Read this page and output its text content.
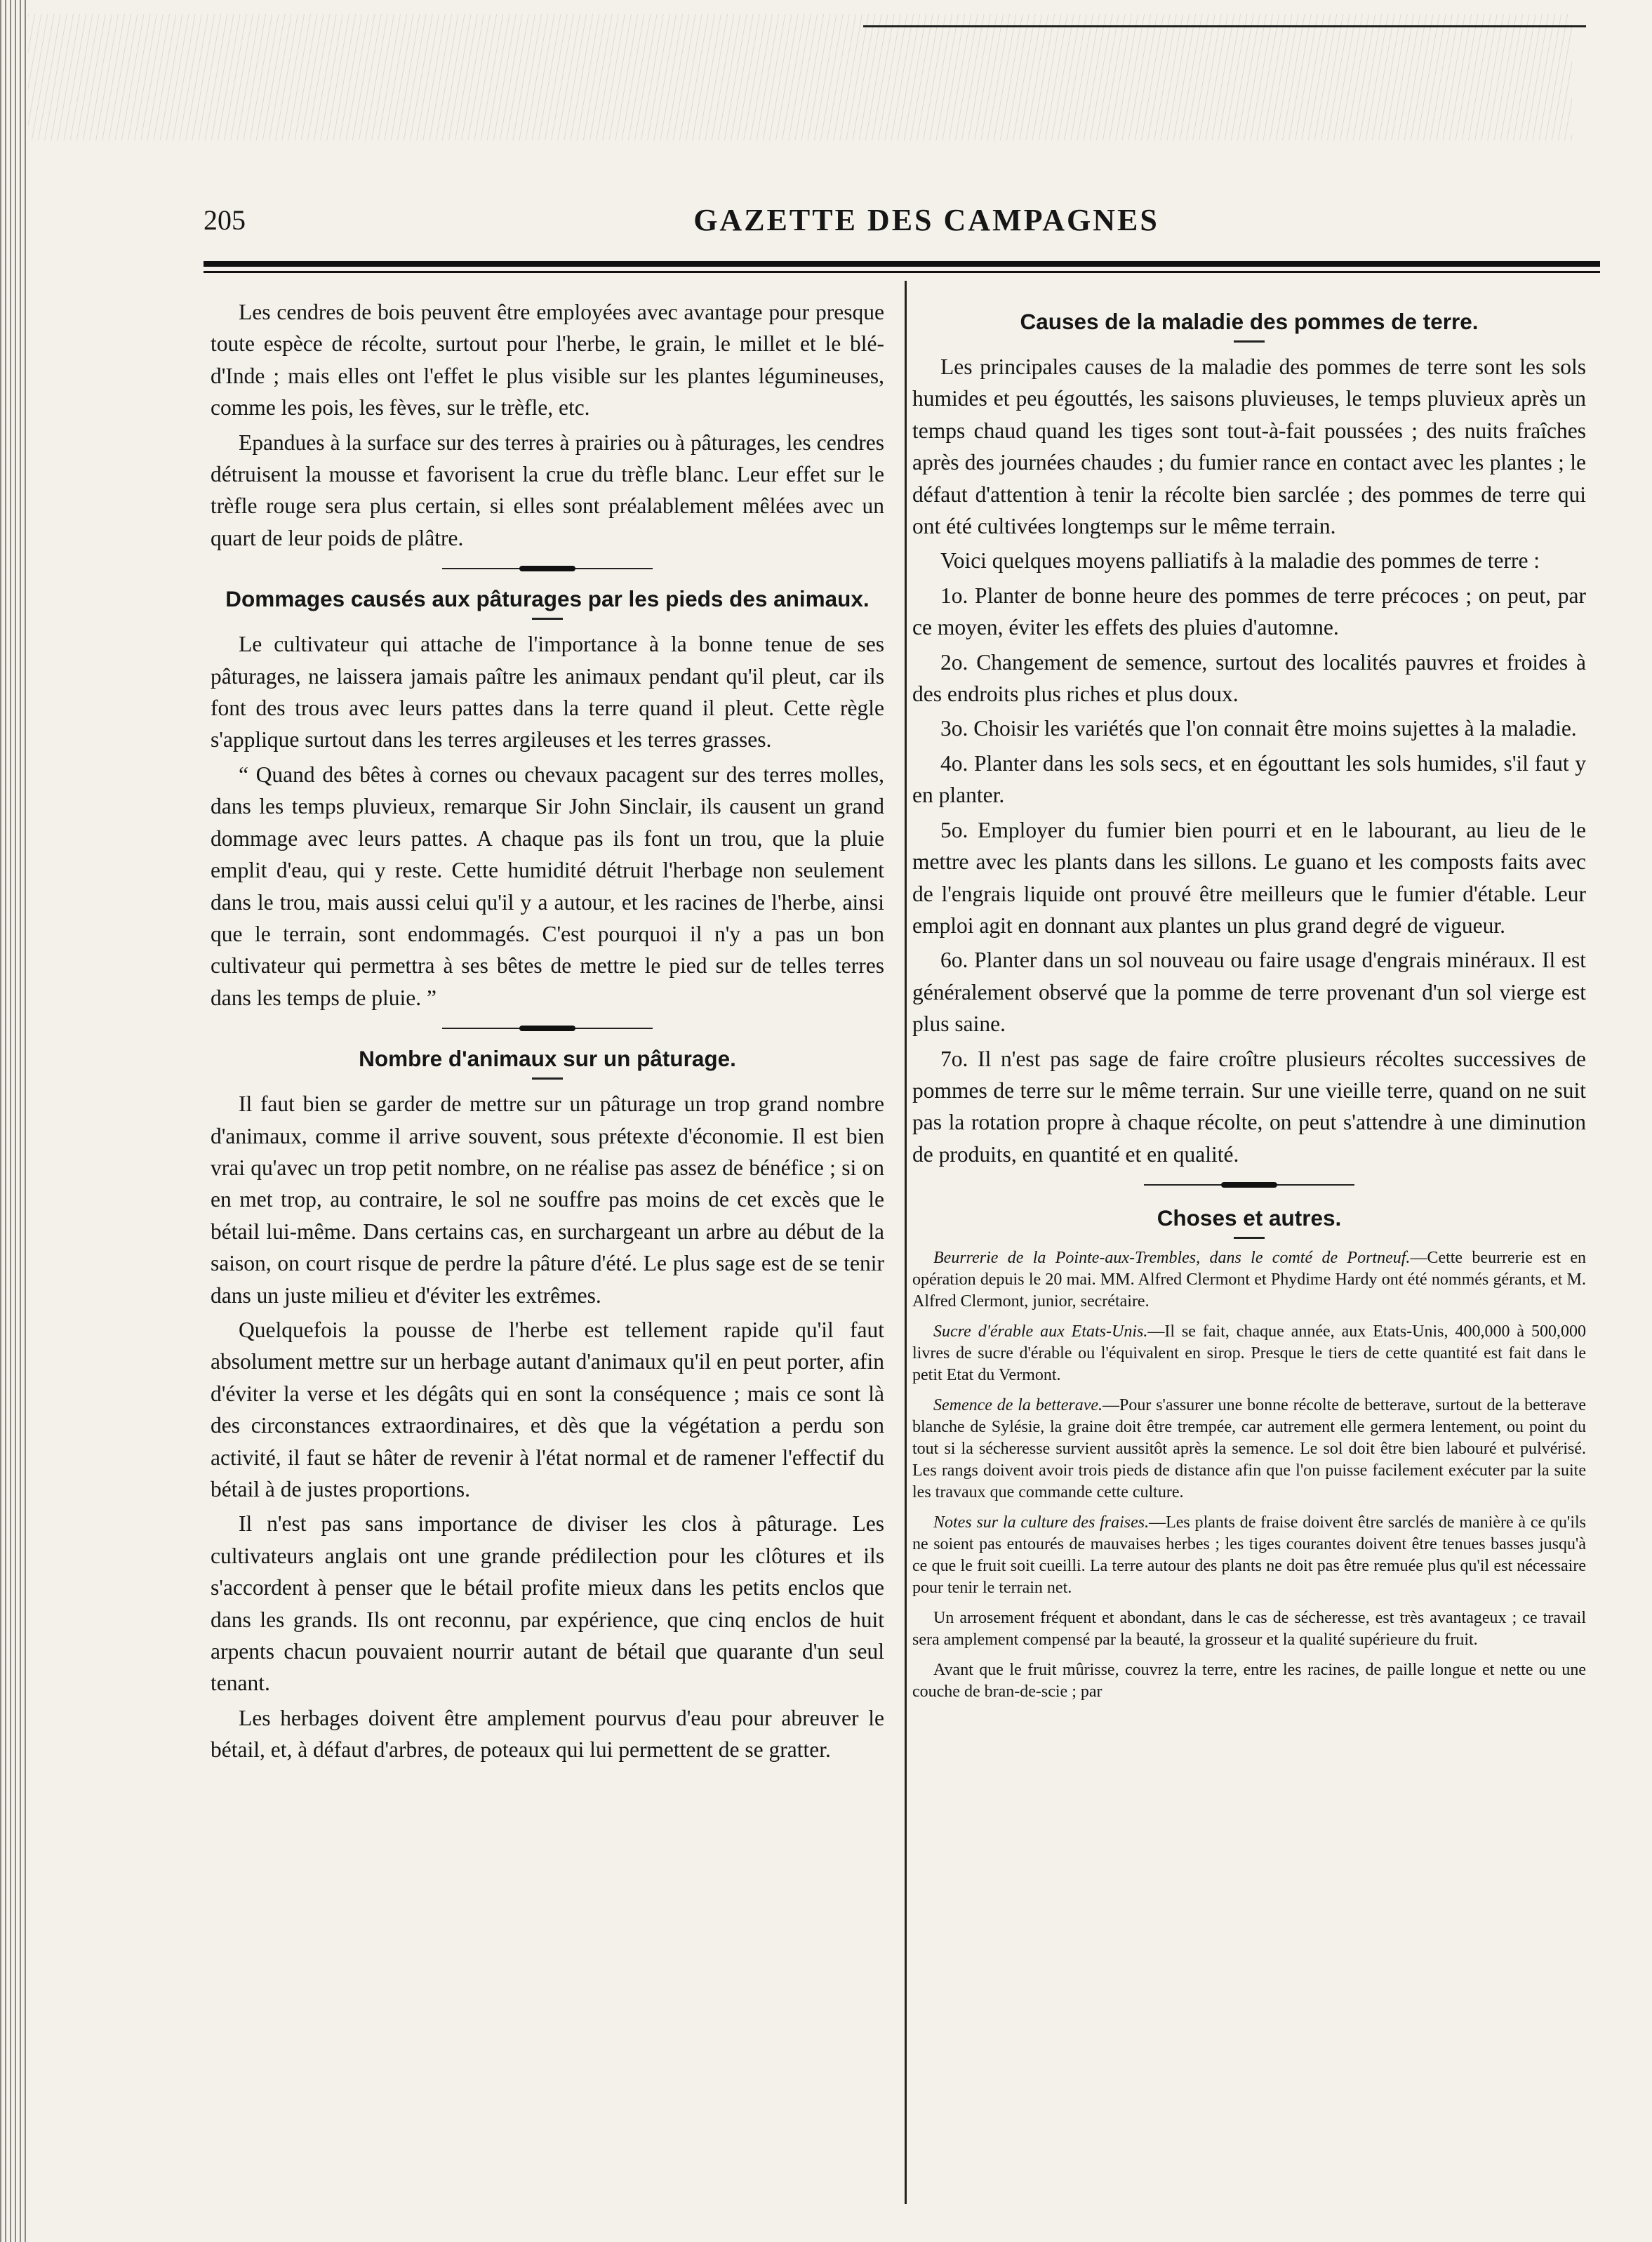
205	GAZETTE DES CAMPAGNES

Les cendres de bois peuvent être employées avec avantage pour presque toute espèce de récolte, surtout pour l'herbe, le grain, le millet et le blé-d'Inde ; mais elles ont l'effet le plus visible sur les plantes légumineuses, comme les pois, les fèves, sur le trèfle, etc.

Epandues à la surface sur des terres à prairies ou à pâturages, les cendres détruisent la mousse et favorisent la crue du trèfle blanc. Leur effet sur le trèfle rouge sera plus certain, si elles sont préalablement mêlées avec un quart de leur poids de plâtre.

Dommages causés aux pâturages par les pieds des animaux.

Le cultivateur qui attache de l'importance à la bonne tenue de ses pâturages, ne laissera jamais paître les animaux pendant qu'il pleut, car ils font des trous avec leurs pattes dans la terre quand il pleut. Cette règle s'applique surtout dans les terres argileuses et les terres grasses.

“ Quand des bêtes à cornes ou chevaux pacagent sur des terres molles, dans les temps pluvieux, remarque Sir John Sinclair, ils causent un grand dommage avec leurs pattes. A chaque pas ils font un trou, que la pluie emplit d'eau, qui y reste. Cette humidité détruit l'herbage non seulement dans le trou, mais aussi celui qu'il y a autour, et les racines de l'herbe, ainsi que le terrain, sont endommagés. C'est pourquoi il n'y a pas un bon cultivateur qui permettra à ses bêtes de mettre le pied sur de telles terres dans les temps de pluie. ”

Nombre d'animaux sur un pâturage.

Il faut bien se garder de mettre sur un pâturage un trop grand nombre d'animaux, comme il arrive souvent, sous prétexte d'économie. Il est bien vrai qu'avec un trop petit nombre, on ne réalise pas assez de bénéfice ; si on en met trop, au contraire, le sol ne souffre pas moins de cet excès que le bétail lui-même. Dans certains cas, en surchargeant un arbre au début de la saison, on court risque de perdre la pâture d'été. Le plus sage est de se tenir dans un juste milieu et d'éviter les extrêmes.

Quelquefois la pousse de l'herbe est tellement rapide qu'il faut absolument mettre sur un herbage autant d'animaux qu'il en peut porter, afin d'éviter la verse et les dégâts qui en sont la conséquence ; mais ce sont là des circonstances extraordinaires, et dès que la végétation a perdu son activité, il faut se hâter de revenir à l'état normal et de ramener l'effectif du bétail à de justes proportions.

Il n'est pas sans importance de diviser les clos à pâturage. Les cultivateurs anglais ont une grande prédilection pour les clôtures et ils s'accordent à penser que le bétail profite mieux dans les petits enclos que dans les grands. Ils ont reconnu, par expérience, que cinq enclos de huit arpents chacun pouvaient nourrir autant de bétail que quarante d'un seul tenant.

Les herbages doivent être amplement pourvus d'eau pour abreuver le bétail, et, à défaut d'arbres, de poteaux qui lui permettent de se gratter.

Causes de la maladie des pommes de terre.

Les principales causes de la maladie des pommes de terre sont les sols humides et peu égouttés, les saisons pluvieuses, le temps pluvieux après un temps chaud quand les tiges sont tout-à-fait poussées ; des nuits fraîches après des journées chaudes ; du fumier rance en contact avec les plantes ; le défaut d'attention à tenir la récolte bien sarclée ; des pommes de terre qui ont été cultivées longtemps sur le même terrain.

Voici quelques moyens palliatifs à la maladie des pommes de terre :

1o. Planter de bonne heure des pommes de terre précoces ; on peut, par ce moyen, éviter les effets des pluies d'automne.

2o. Changement de semence, surtout des localités pauvres et froides à des endroits plus riches et plus doux.

3o. Choisir les variétés que l'on connait être moins sujettes à la maladie.

4o. Planter dans les sols secs, et en égouttant les sols humides, s'il faut y en planter.

5o. Employer du fumier bien pourri et en le labourant, au lieu de le mettre avec les plants dans les sillons. Le guano et les composts faits avec de l'engrais liquide ont prouvé être meilleurs que le fumier d'étable. Leur emploi agit en donnant aux plantes un plus grand degré de vigueur.

6o. Planter dans un sol nouveau ou faire usage d'engrais minéraux. Il est généralement observé que la pomme de terre provenant d'un sol vierge est plus saine.

7o. Il n'est pas sage de faire croître plusieurs récoltes successives de pommes de terre sur le même terrain. Sur une vieille terre, quand on ne suit pas la rotation propre à chaque récolte, on peut s'attendre à une diminution de produits, en quantité et en qualité.

Choses et autres.

Beurrerie de la Pointe-aux-Trembles, dans le comté de Portneuf.—Cette beurrerie est en opération depuis le 20 mai. MM. Alfred Clermont et Phydime Hardy ont été nommés gérants, et M. Alfred Clermont, junior, secrétaire.

Sucre d'érable aux Etats-Unis.—Il se fait, chaque année, aux Etats-Unis, 400,000 à 500,000 livres de sucre d'érable ou l'équivalent en sirop. Presque le tiers de cette quantité est fait dans le petit Etat du Vermont.

Semence de la betterave.—Pour s'assurer une bonne récolte de betterave, surtout de la betterave blanche de Sylésie, la graine doit être trempée, car autrement elle germera lentement, ou point du tout si la sécheresse survient aussitôt après la semence. Le sol doit être bien labouré et pulvérisé. Les rangs doivent avoir trois pieds de distance afin que l'on puisse facilement exécuter par la suite les travaux que commande cette culture.

Notes sur la culture des fraises.—Les plants de fraise doivent être sarclés de manière à ce qu'ils ne soient pas entourés de mauvaises herbes ; les tiges courantes doivent être tenues basses jusqu'à ce que le fruit soit cueilli. La terre autour des plants ne doit pas être remuée plus qu'il est nécessaire pour tenir le terrain net.

Un arrosement fréquent et abondant, dans le cas de sécheresse, est très avantageux ; ce travail sera amplement compensé par la beauté, la grosseur et la qualité supérieure du fruit.

Avant que le fruit mûrisse, couvrez la terre, entre les racines, de paille longue et nette ou une couche de bran-de-scie ; par
